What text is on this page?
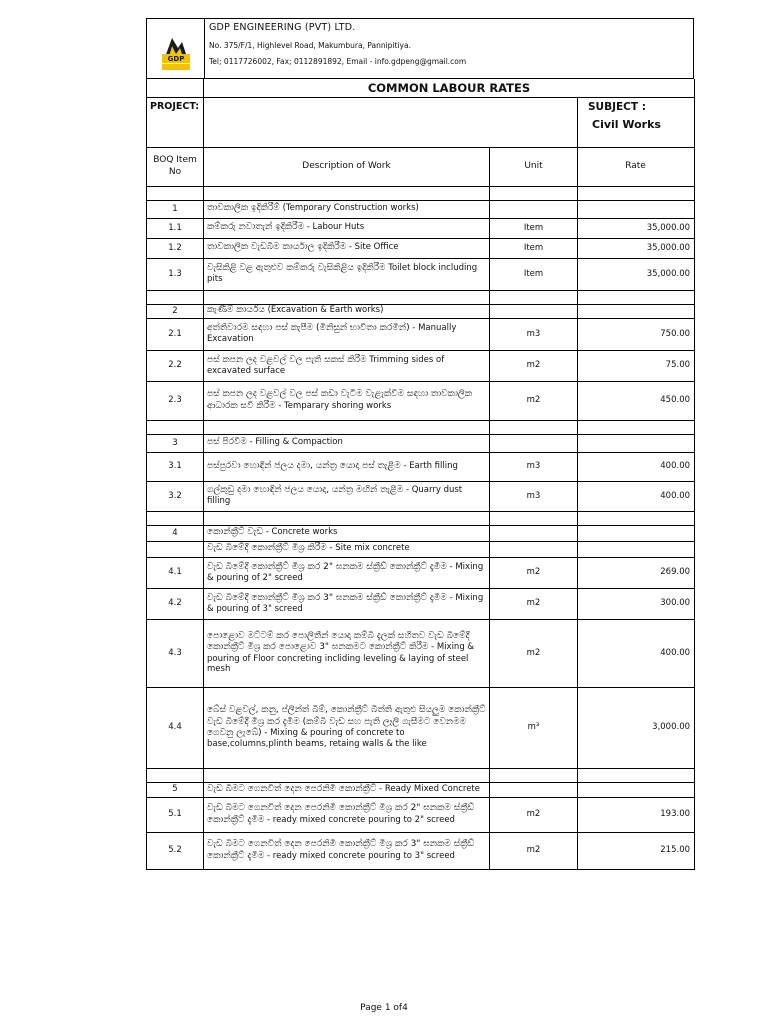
GDP
GDP ENGINEERING (PVT) LTD.
No. 375/F/1, Highlevel Road, Makumbura, Pannipitiya.
Tel; 0117726002, Fax; 0112891892, Email - info.gdpeng@gmail.com
	COMMON LABOUR RATES		
PROJECT:			SUBJECT :
Civil Works

BOQ Item No	Description of Work	Unit	Rate

1	තාවකාලික ඉදිකිරීම් (Temporary Construction works)		
1.1	කම්කරු නවාතැන් ඉදිකිරීම - Labour Huts	Item	35,000.00
1.2	තාවකාලික වැඩබිම කාර්යාල ඉදිකිරීම - Site Office	Item	35,000.00
1.3	වැසිකිළි වළ ඇතුළුව කම්කරු වැසිකිළිය ඉදිකිරීම Toilet block including pits	Item	35,000.00

2	කැණීම් කාර්යය (Excavation & Earth works)		
2.1	අත්තිවාරම සඳහා පස් කැපීම (මිනිසුන් භාවිතා කරමින්) - Manually Excavation	m3	750.00
2.2	පස් කපන ලද වළවල් වල පැති සකස් කිරීම Trimming sides of excavated surface	m2	75.00
2.3	පස් කපන ලද වළවල් වල පස් කඩා වැටීම වැළැක්වීම සඳහා තාවකාලික ආධාරක සවි කිරීම - Temparary shoring works	m2	450.00

3	පස් පිරවීම - Filling & Compaction		
3.1	පස්පුරවා හොඳින් ජලය දමා, යන්ත්‍ර යොදා පස් තැළීම - Earth filling	m3	400.00
3.2	ගල්කුඩු දමා හොඳින් ජලය යොදා, යන්ත්‍ර මඟින් තැළීම - Quarry dust filling	m3	400.00

4	කොන්ක්‍රීට් වැඩ - Concrete works		
	වැඩ බිමේදී කොන්ක්‍රීට් මිශ්‍ර කිරීම - Site mix concrete		
4.1	වැඩ බිමේදී කොන්ක්‍රීට් මිශ්‍ර කර 2" ඝනකම ස්ක්‍රීඩ් කොන්ක්‍රීට් දැමීම - Mixing & pouring of 2" screed	m2	269.00
4.2	වැඩ බිමේදී කොන්ක්‍රීට් මිශ්‍ර කර 3" ඝනකම ස්ක්‍රීඩ් කොන්ක්‍රීට් දැමීම - Mixing & pouring of 3" screed	m2	300.00
4.3	පොළොව මට්ටම් කර පොලිතීන් යොදා කම්බි දැලක් සහිතව වැඩ බිමේදී කොන්ක්‍රීට් මිශ්‍ර කර පොළොව 3" ඝනකමට කොන්ක්‍රීට් කිරීම - Mixing & pouring of Floor concreting incliding leveling & laying of steel mesh	m2	400.00
4.4	බේස් වළවල්, කනු, ප්ලින්ත් බිම්, කොන්ක්‍රීට් බිත්ති ඇතුළු සියලුම කොන්ක්‍රීට් වැඩ බිමේදී මිශ්‍ර කර දැමීම (කම්බි වැඩ සහ පැති ලෑලි ගැසීමට වෙනමම ගෙවනු ලැබේ) - Mixing & pouring of concrete to base,columns,plinth beams, retaing walls & the like	m³	3,000.00

5	වැඩ බිමට ගෙනවිත් දෙන පෙරනිමි කොන්ක්‍රීට් - Ready Mixed Concrete		
5.1	වැඩ බිමට ගෙනවිත් දෙන පෙරනිමි කොන්ක්‍රීට් මිශ්‍ර කර 2" ඝනකම ස්ක්‍රීඩ් කොන්ක්‍රීට් දැමීම - ready mixed concrete pouring to 2" screed	m2	193.00
5.2	වැඩ බිමට ගෙනවිත් දෙන පෙරනිමි කොන්ක්‍රීට් මිශ්‍ර කර 3" ඝනකම ස්ක්‍රීඩ් කොන්ක්‍රීට් දැමීම - ready mixed concrete pouring to 3" screed	m2	215.00
Page 1 of4
